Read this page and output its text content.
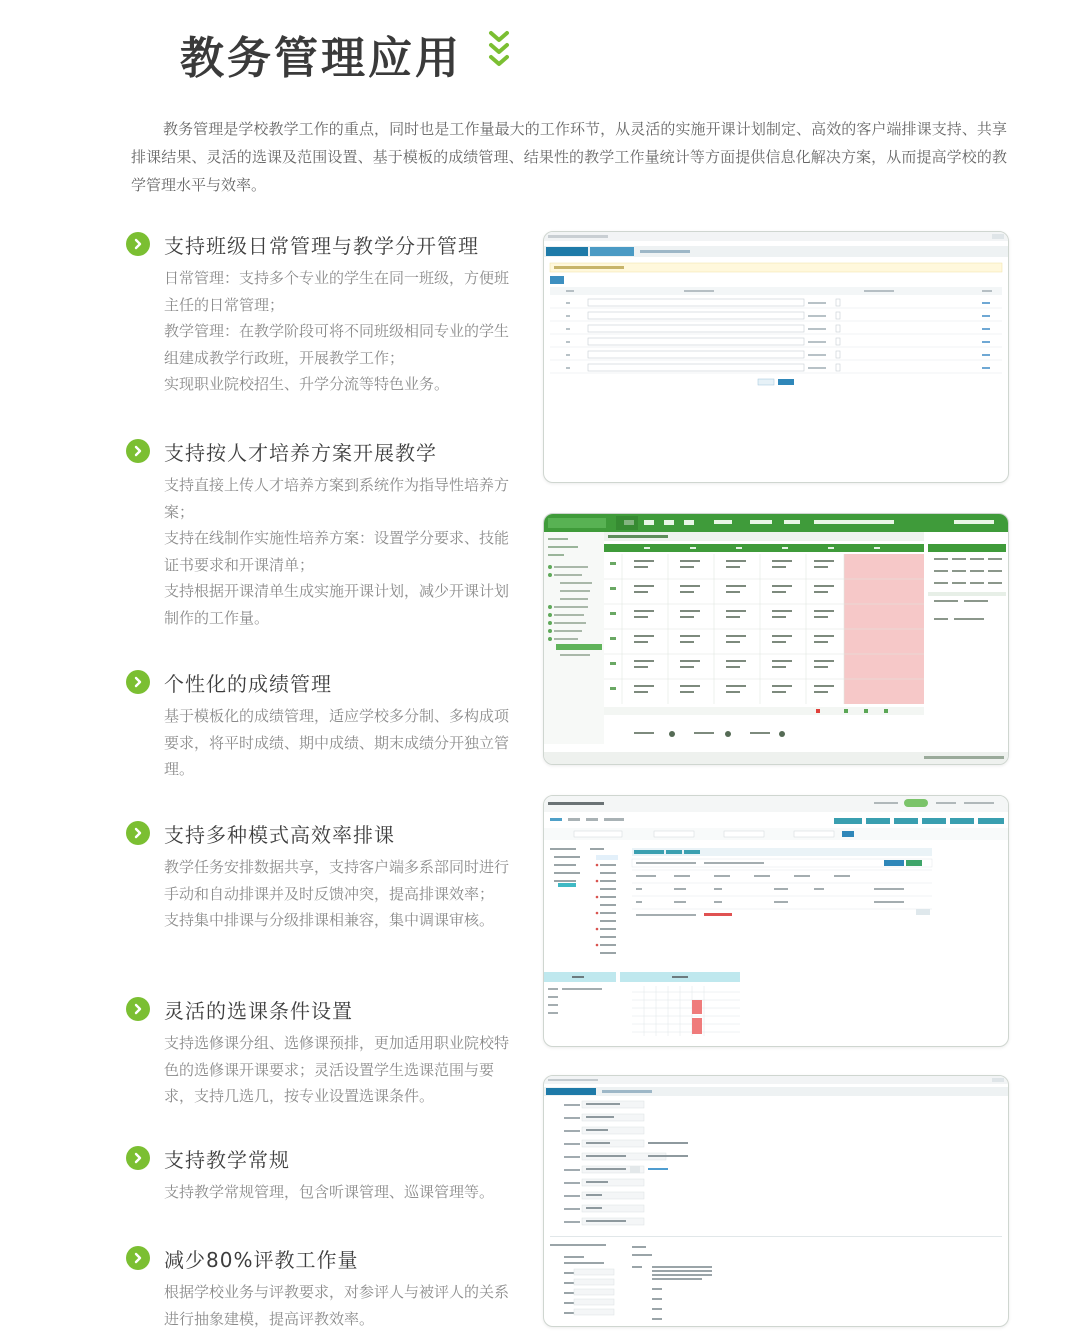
教务管理应用
教务管理是学校教学工作的重点，同时也是工作量最大的工作环节，从灵活的实施开课计划制定、高效的客户端排课支持、共享排课结果、灵活的选课及范围设置、基于模板的成绩管理、结果性的教学工作量统计等方面提供信息化解决方案，从而提高学校的教学管理水平与效率。
支持班级日常管理与教学分开管理

日常管理：支持多个专业的学生在同一班级，方便班主任的日常管理；

教学管理：在教学阶段可将不同班级相同专业的学生组建成教学行政班，开展教学工作；

实现职业院校招生、升学分流等特色业务。

支持按人才培养方案开展教学

支持直接上传人才培养方案到系统作为指导性培养方案；

支持在线制作实施性培养方案：设置学分要求、技能证书要求和开课清单；

支持根据开课清单生成实施开课计划，减少开课计划制作的工作量。

个性化的成绩管理

基于模板化的成绩管理，适应学校多分制、多构成项要求，将平时成绩、期中成绩、期末成绩分开独立管理。

支持多种模式高效率排课

教学任务安排数据共享，支持客户端多系部同时进行手动和自动排课并及时反馈冲突，提高排课效率；

支持集中排课与分级排课相兼容，集中调课审核。

灵活的选课条件设置

支持选修课分组、选修课预排，更加适用职业院校特色的选修课开课要求；灵活设置学生选课范围与要求，支持几选几，按专业设置选课条件。

支持教学常规

支持教学常规管理，包含听课管理、巡课管理等。

减少80%评教工作量

根据学校业务与评教要求，对参评人与被评人的关系进行抽象建模，提高评教效率。
